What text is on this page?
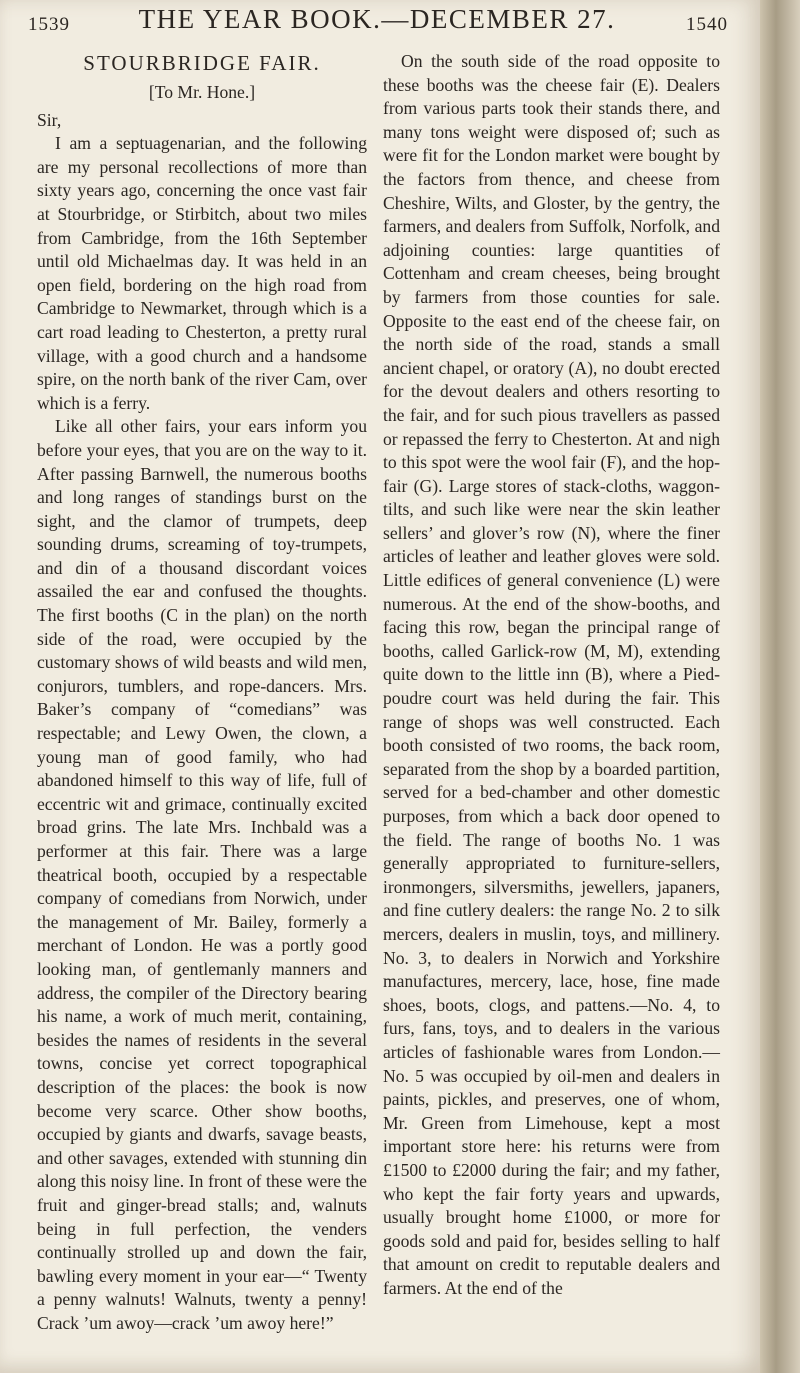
1539	THE YEAR BOOK.—DECEMBER 27.	1540
STOURBRIDGE FAIR.
[To Mr. Hone.]
Sir,

I am a septuagenarian, and the following are my personal recollections of more than sixty years ago, concerning the once vast fair at Stourbridge, or Stirbitch, about two miles from Cambridge, from the 16th September until old Michaelmas day. It was held in an open field, bordering on the high road from Cambridge to Newmarket, through which is a cart road leading to Chesterton, a pretty rural village, with a good church and a handsome spire, on the north bank of the river Cam, over which is a ferry.

Like all other fairs, your ears inform you before your eyes, that you are on the way to it. After passing Barnwell, the numerous booths and long ranges of standings burst on the sight, and the clamor of trumpets, deep sounding drums, screaming of toy-trumpets, and din of a thousand discordant voices assailed the ear and confused the thoughts. The first booths (C in the plan) on the north side of the road, were occupied by the customary shows of wild beasts and wild men, conjurors, tumblers, and rope-dancers. Mrs. Baker’s company of “comedians” was respectable; and Lewy Owen, the clown, a young man of good family, who had abandoned himself to this way of life, full of eccentric wit and grimace, continually excited broad grins. The late Mrs. Inchbald was a performer at this fair. There was a large theatrical booth, occupied by a respectable company of comedians from Norwich, under the management of Mr. Bailey, formerly a merchant of London. He was a portly good looking man, of gentlemanly manners and address, the compiler of the Directory bearing his name, a work of much merit, containing, besides the names of residents in the several towns, concise yet correct topographical description of the places: the book is now become very scarce. Other show booths, occupied by giants and dwarfs, savage beasts, and other savages, extended with stunning din along this noisy line. In front of these were the fruit and ginger-bread stalls; and, walnuts being in full perfection, the venders continually strolled up and down the fair, bawling every moment in your ear—“ Twenty a penny walnuts! Walnuts, twenty a penny! Crack ’um awoy—crack ’um awoy here!”

On the south side of the road opposite to these booths was the cheese fair (E). Dealers from various parts took their stands there, and many tons weight were disposed of; such as were fit for the London market were bought by the factors from thence, and cheese from Cheshire, Wilts, and Gloster, by the gentry, the farmers, and dealers from Suffolk, Norfolk, and adjoining counties: large quantities of Cottenham and cream cheeses, being brought by farmers from those counties for sale. Opposite to the east end of the cheese fair, on the north side of the road, stands a small ancient chapel, or oratory (A), no doubt erected for the devout dealers and others resorting to the fair, and for such pious travellers as passed or repassed the ferry to Chesterton. At and nigh to this spot were the wool fair (F), and the hop-fair (G). Large stores of stack-cloths, waggon-tilts, and such like were near the skin leather sellers’ and glover’s row (N), where the finer articles of leather and leather gloves were sold. Little edifices of general convenience (L) were numerous. At the end of the show-booths, and facing this row, began the principal range of booths, called Garlick-row (M, M), extending quite down to the little inn (B), where a Pied-poudre court was held during the fair. This range of shops was well constructed. Each booth consisted of two rooms, the back room, separated from the shop by a boarded partition, served for a bed-chamber and other domestic purposes, from which a back door opened to the field. The range of booths No. 1 was generally appropriated to furniture-sellers, ironmongers, silversmiths, jewellers, japaners, and fine cutlery dealers: the range No. 2 to silk mercers, dealers in muslin, toys, and millinery. No. 3, to dealers in Norwich and Yorkshire manufactures, mercery, lace, hose, fine made shoes, boots, clogs, and pattens.—No. 4, to furs, fans, toys, and to dealers in the various articles of fashionable wares from London.—No. 5 was occupied by oil-men and dealers in paints, pickles, and preserves, one of whom, Mr. Green from Limehouse, kept a most important store here: his returns were from £1500 to £2000 during the fair; and my father, who kept the fair forty years and upwards, usually brought home £1000, or more for goods sold and paid for, besides selling to half that amount on credit to reputable dealers and farmers. At the end of the
